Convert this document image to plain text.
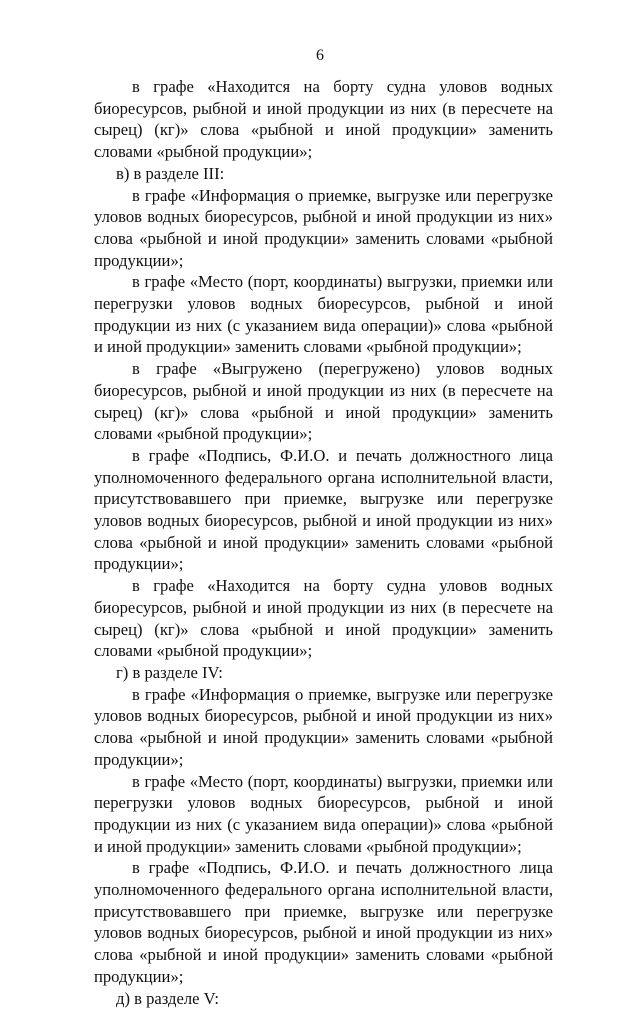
6

в графе «Находится на борту судна уловов водных биоресурсов, рыбной и иной продукции из них (в пересчете на сырец) (кг)» слова «рыбной и иной продукции» заменить словами «рыбной продукции»;

в) в разделе III:

в графе «Информация о приемке, выгрузке или перегрузке уловов водных биоресурсов, рыбной и иной продукции из них» слова «рыбной и иной продукции» заменить словами «рыбной продукции»;

в графе «Место (порт, координаты) выгрузки, приемки или перегрузки уловов водных биоресурсов, рыбной и иной продукции из них (с указанием вида операции)» слова «рыбной и иной продукции» заменить словами «рыбной продукции»;

в графе «Выгружено (перегружено) уловов водных биоресурсов, рыбной и иной продукции из них (в пересчете на сырец) (кг)» слова «рыбной и иной продукции» заменить словами «рыбной продукции»;

в графе «Подпись, Ф.И.О. и печать должностного лица уполномоченного федерального органа исполнительной власти, присутствовавшего при приемке, выгрузке или перегрузке уловов водных биоресурсов, рыбной и иной продукции из них» слова «рыбной и иной продукции» заменить словами «рыбной продукции»;

в графе «Находится на борту судна уловов водных биоресурсов, рыбной и иной продукции из них (в пересчете на сырец) (кг)» слова «рыбной и иной продукции» заменить словами «рыбной продукции»;

г) в разделе IV:

в графе «Информация о приемке, выгрузке или перегрузке уловов водных биоресурсов, рыбной и иной продукции из них» слова «рыбной и иной продукции» заменить словами «рыбной продукции»;

в графе «Место (порт, координаты) выгрузки, приемки или перегрузки уловов водных биоресурсов, рыбной и иной продукции из них (с указанием вида операции)» слова «рыбной и иной продукции» заменить словами «рыбной продукции»;

в графе «Подпись, Ф.И.О. и печать должностного лица уполномоченного федерального органа исполнительной власти, присутствовавшего при приемке, выгрузке или перегрузке уловов водных биоресурсов, рыбной и иной продукции из них» слова «рыбной и иной продукции» заменить словами «рыбной продукции»;

д) в разделе V:
